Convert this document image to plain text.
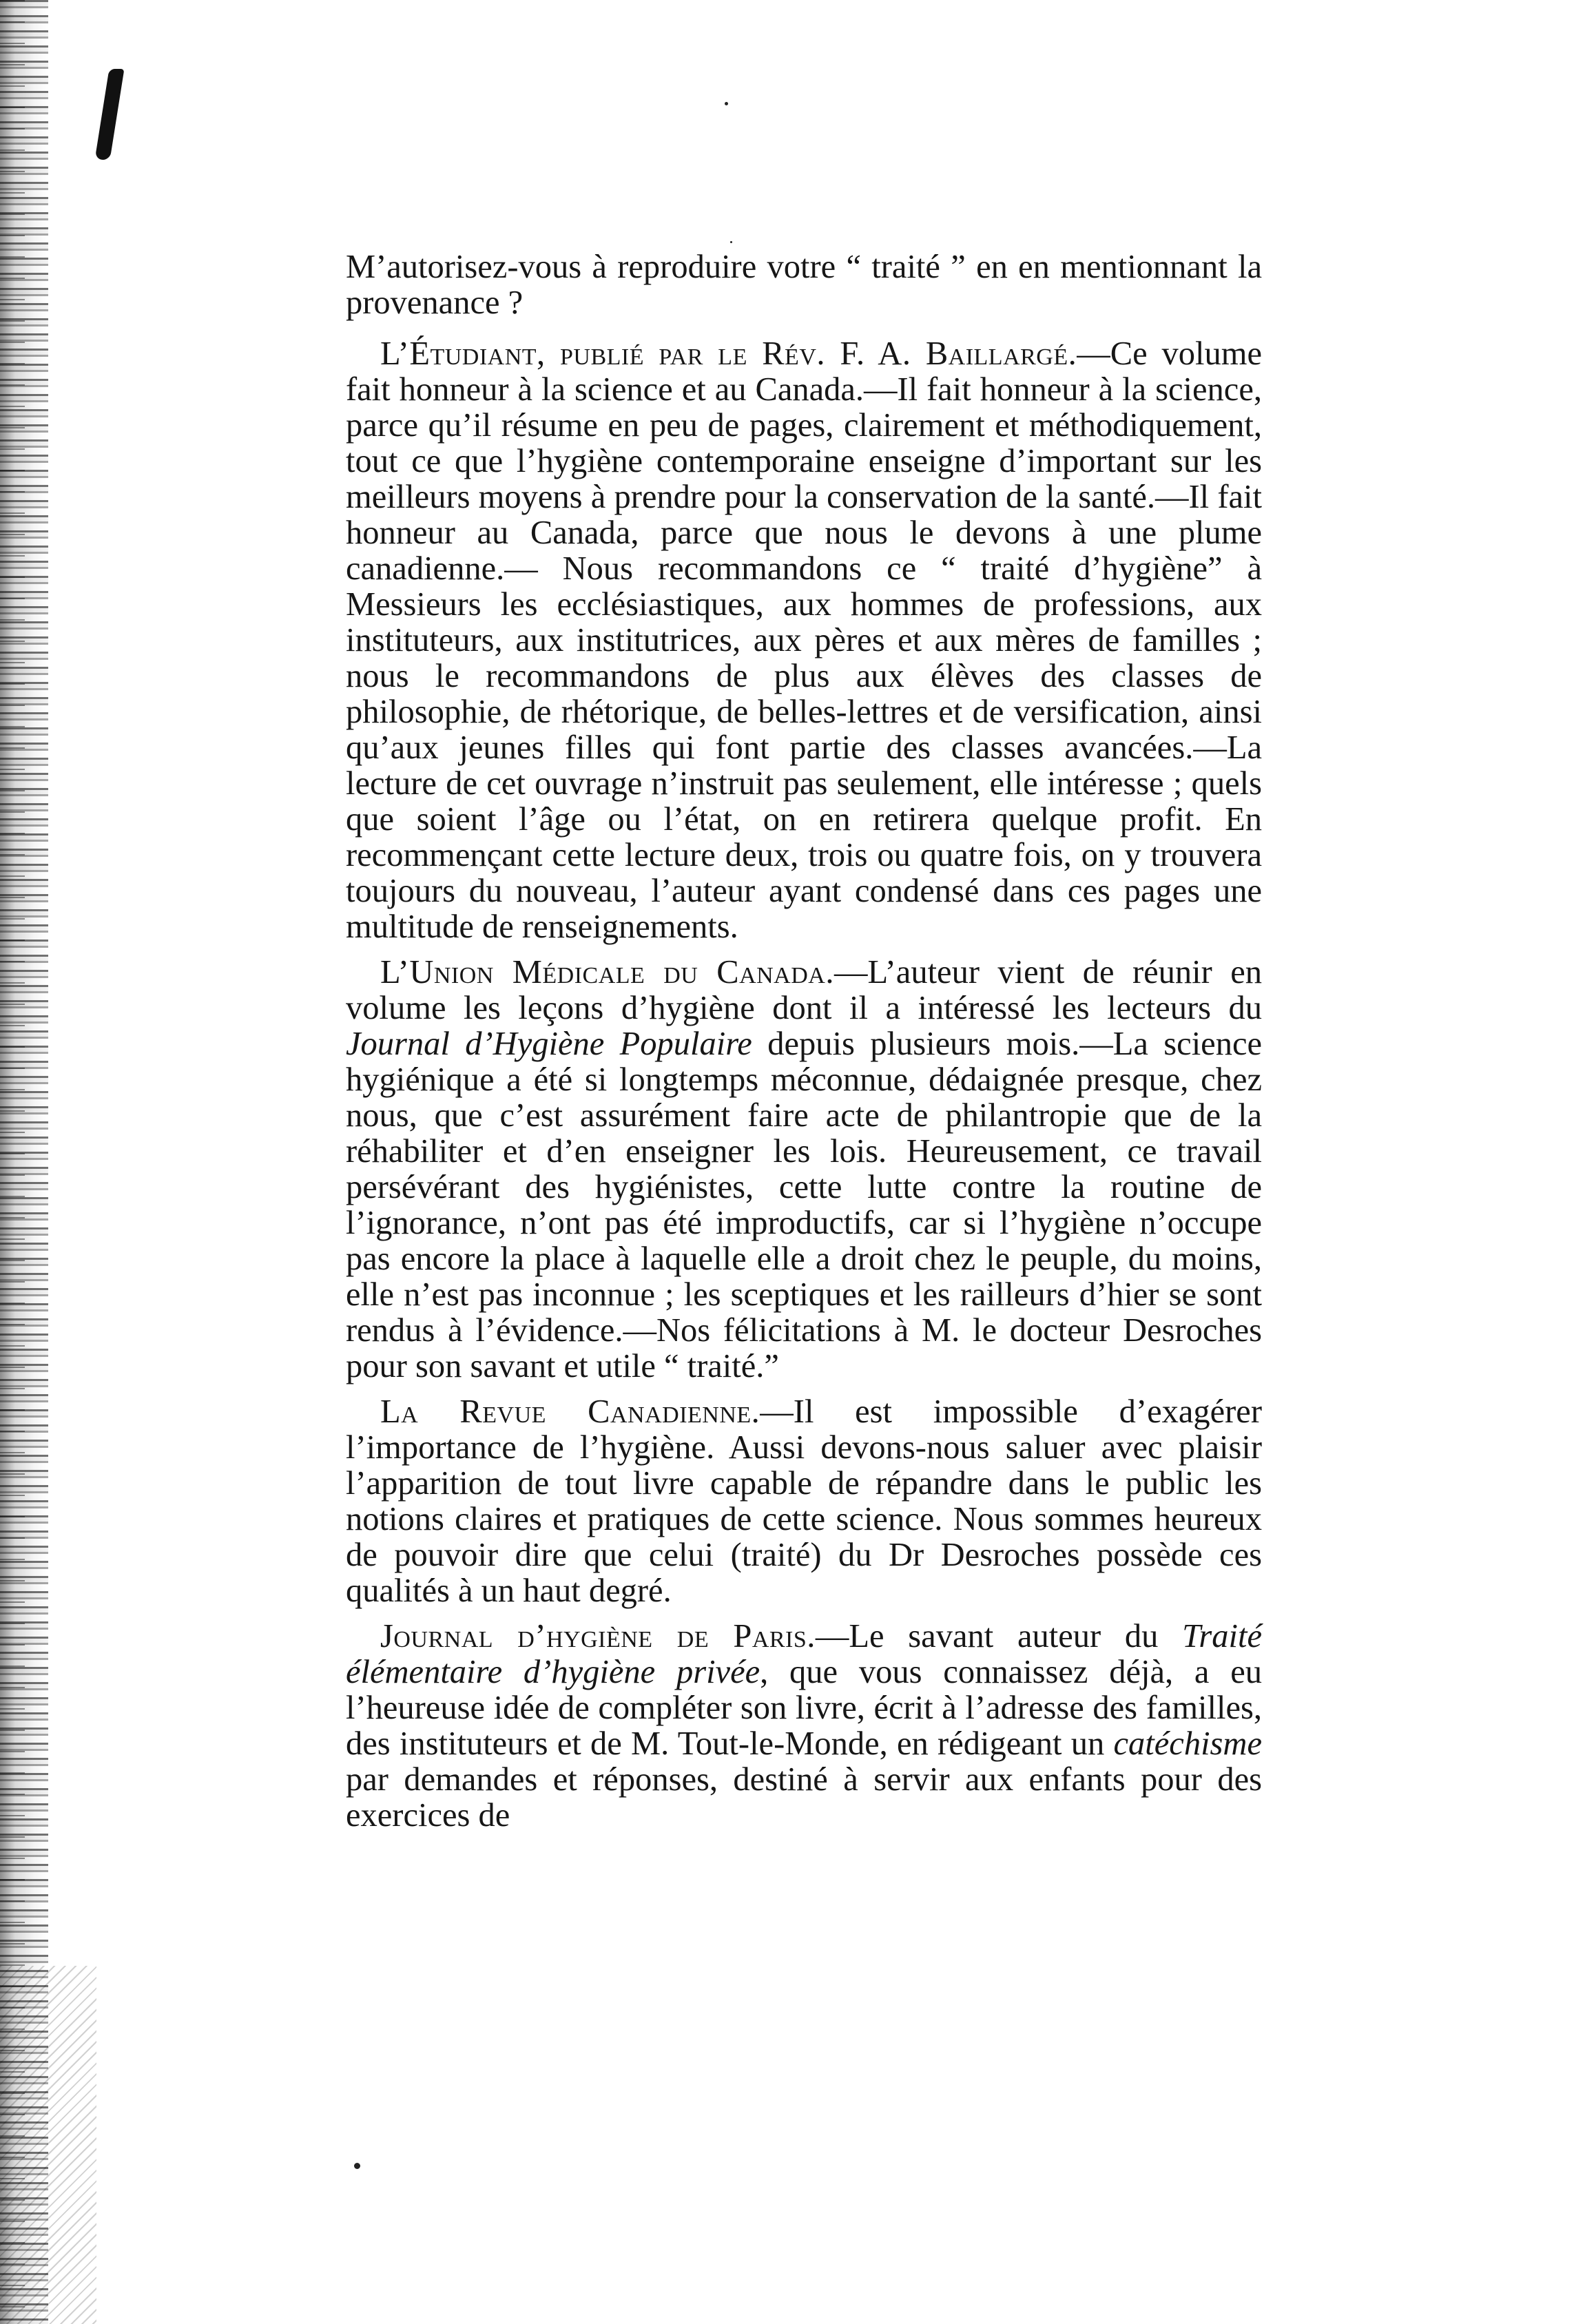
M’autorisez-vous à reproduire votre “ traité ” en en mentionnant la provenance ?

L’Étudiant, publié par le Rév. F. A. Baillargé.—Ce volume fait honneur à la science et au Canada.—Il fait honneur à la science, parce qu’il résume en peu de pages, clairement et méthodiquement, tout ce que l’hygiène contemporaine enseigne d’important sur les meilleurs moyens à prendre pour la conservation de la santé.—Il fait honneur au Canada, parce que nous le devons à une plume canadienne.— Nous recommandons ce “ traité d’hygiène” à Messieurs les ecclésiastiques, aux hommes de professions, aux instituteurs, aux institutrices, aux pères et aux mères de familles ; nous le recommandons de plus aux élèves des classes de philosophie, de rhétorique, de belles-lettres et de versification, ainsi qu’aux jeunes filles qui font partie des classes avancées.—La lecture de cet ouvrage n’instruit pas seulement, elle intéresse ; quels que soient l’âge ou l’état, on en retirera quelque profit. En recommençant cette lecture deux, trois ou quatre fois, on y trouvera toujours du nouveau, l’auteur ayant condensé dans ces pages une multitude de renseignements.

L’Union Médicale du Canada.—L’auteur vient de réunir en volume les leçons d’hygiène dont il a intéressé les lecteurs du Journal d’Hygiène Populaire depuis plusieurs mois.—La science hygiénique a été si longtemps méconnue, dédaignée presque, chez nous, que c’est assurément faire acte de philantropie que de la réhabiliter et d’en enseigner les lois. Heureusement, ce travail persévérant des hygiénistes, cette lutte contre la routine de l’ignorance, n’ont pas été improductifs, car si l’hygiène n’occupe pas encore la place à laquelle elle a droit chez le peuple, du moins, elle n’est pas inconnue ; les sceptiques et les railleurs d’hier se sont rendus à l’évidence.—Nos félicitations à M. le docteur Desroches pour son savant et utile “ traité.”

La Revue Canadienne.—Il est impossible d’exagérer l’importance de l’hygiène. Aussi devons-nous saluer avec plaisir l’apparition de tout livre capable de répandre dans le public les notions claires et pratiques de cette science. Nous sommes heureux de pouvoir dire que celui (traité) du Dr Desroches possède ces qualités à un haut degré.

Journal d’hygiène de Paris.—Le savant auteur du Traité élémentaire d’hygiène privée, que vous connaissez déjà, a eu l’heureuse idée de compléter son livre, écrit à l’adresse des familles, des instituteurs et de M. Tout-le-Monde, en rédigeant un catéchisme par demandes et réponses, destiné à servir aux enfants pour des exercices de
